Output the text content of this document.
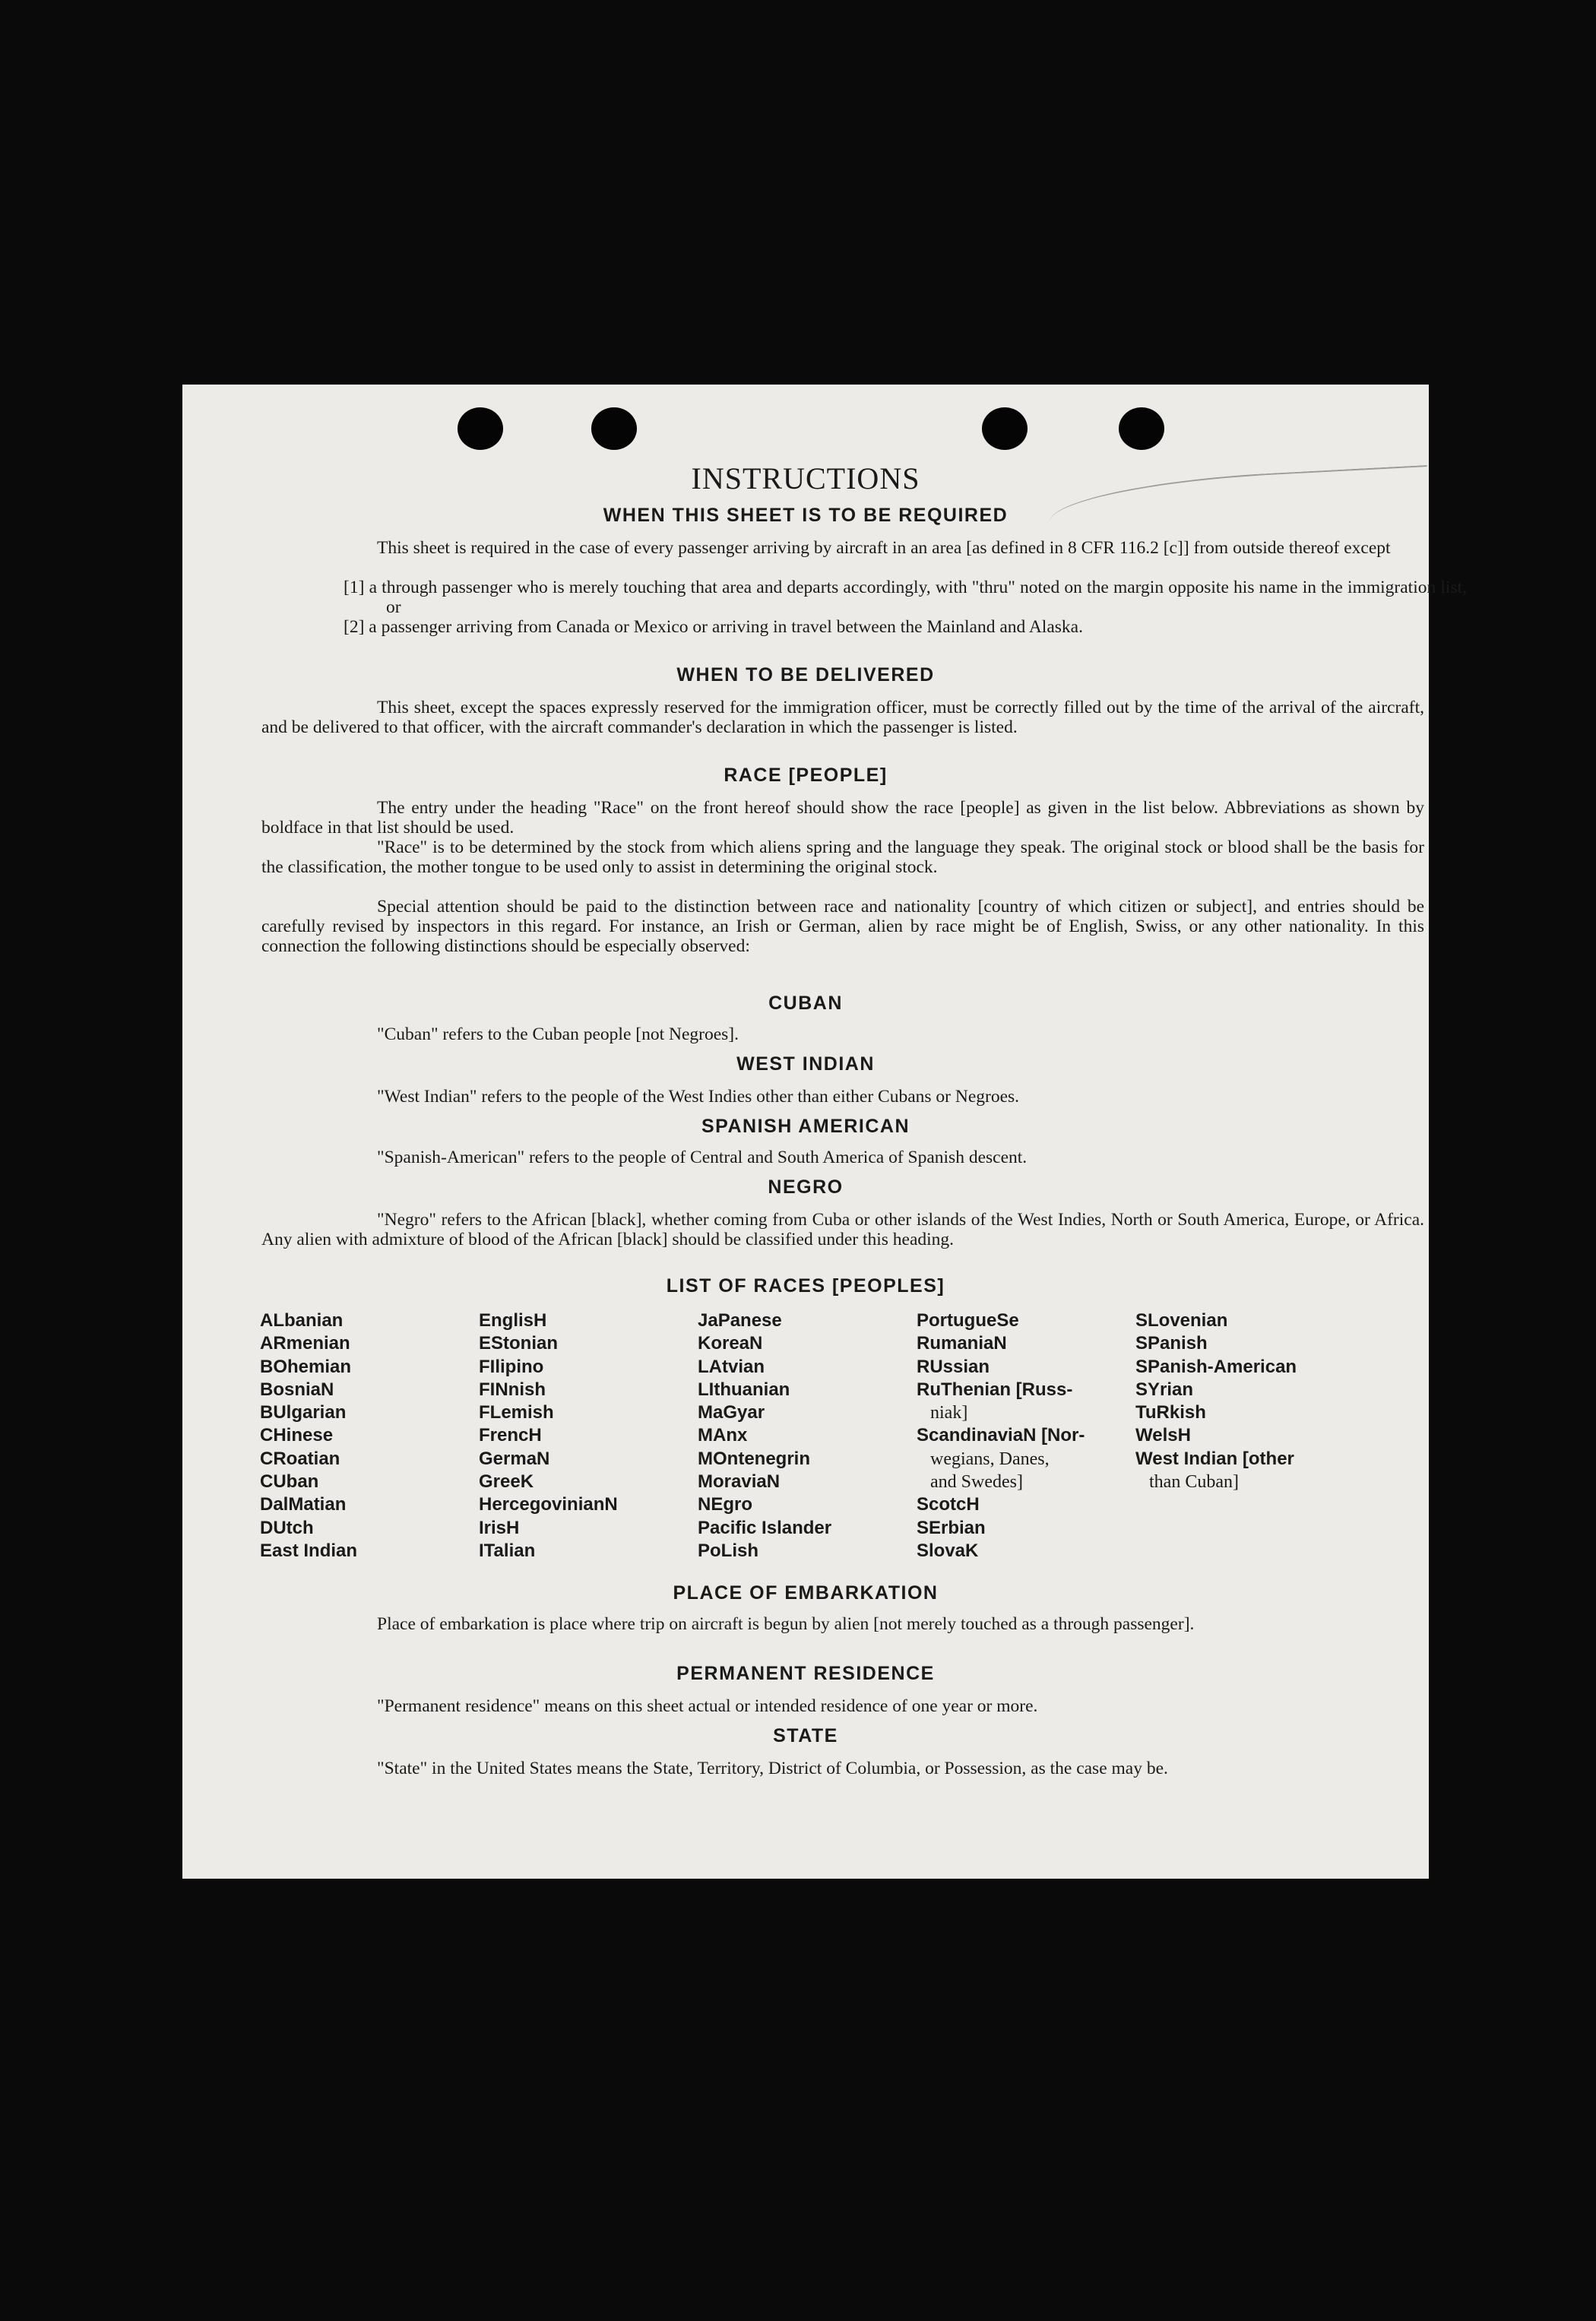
INSTRUCTIONS
WHEN THIS SHEET IS TO BE REQUIRED
This sheet is required in the case of every passenger arriving by aircraft in an area [as defined in 8 CFR 116.2 [c]] from outside thereof except
[1] a through passenger who is merely touching that area and departs accordingly, with "thru" noted on the margin opposite his name in the immigration list, or
[2] a passenger arriving from Canada or Mexico or arriving in travel between the Mainland and Alaska.
WHEN TO BE DELIVERED
This sheet, except the spaces expressly reserved for the immigration officer, must be correctly filled out by the time of the arrival of the aircraft, and be delivered to that officer, with the aircraft commander's declaration in which the passenger is listed.
RACE [PEOPLE]
The entry under the heading "Race" on the front hereof should show the race [people] as given in the list below. Abbreviations as shown by boldface in that list should be used.
"Race" is to be determined by the stock from which aliens spring and the language they speak. The original stock or blood shall be the basis for the classification, the mother tongue to be used only to assist in determining the original stock.
Special attention should be paid to the distinction between race and nationality [country of which citizen or subject], and entries should be carefully revised by inspectors in this regard. For instance, an Irish or German, alien by race might be of English, Swiss, or any other nationality. In this connection the following distinctions should be especially observed:
CUBAN
"Cuban" refers to the Cuban people [not Negroes].
WEST INDIAN
"West Indian" refers to the people of the West Indies other than either Cubans or Negroes.
SPANISH AMERICAN
"Spanish-American" refers to the people of Central and South America of Spanish descent.
NEGRO
"Negro" refers to the African [black], whether coming from Cuba or other islands of the West Indies, North or South America, Europe, or Africa. Any alien with admixture of blood of the African [black] should be classified under this heading.
LIST OF RACES [PEOPLES]
ALbanian
ARmenian
BOhemian
BosniaN
BUlgarian
CHinese
CRoatian
CUban
DalMatian
DUtch
East Indian
EnglisH
EStonian
FIlipino
FINnish
FLemish
FrencH
GermaN
GreeK
HercegovinianN
IrisH
ITalian
JaPanese
KoreaN
LAtvian
LIthuanian
MaGyar
MAnx
MOntenegrin
MoraviaN
NEgro
Pacific Islander
PoLish
PortugueSe
RumaniaN
RUssian
RuThenian [Russ-
niak]
ScandinaviaN [Nor-
wegians, Danes,
and Swedes]
ScotcH
SErbian
SlovaK
SLovenian
SPanish
SPanish-American
SYrian
TuRkish
WelsH
West Indian [other
than Cuban]
PLACE OF EMBARKATION
Place of embarkation is place where trip on aircraft is begun by alien [not merely touched as a through passenger].
PERMANENT RESIDENCE
"Permanent residence" means on this sheet actual or intended residence of one year or more.
STATE
"State" in the United States means the State, Territory, District of Columbia, or Possession, as the case may be.
